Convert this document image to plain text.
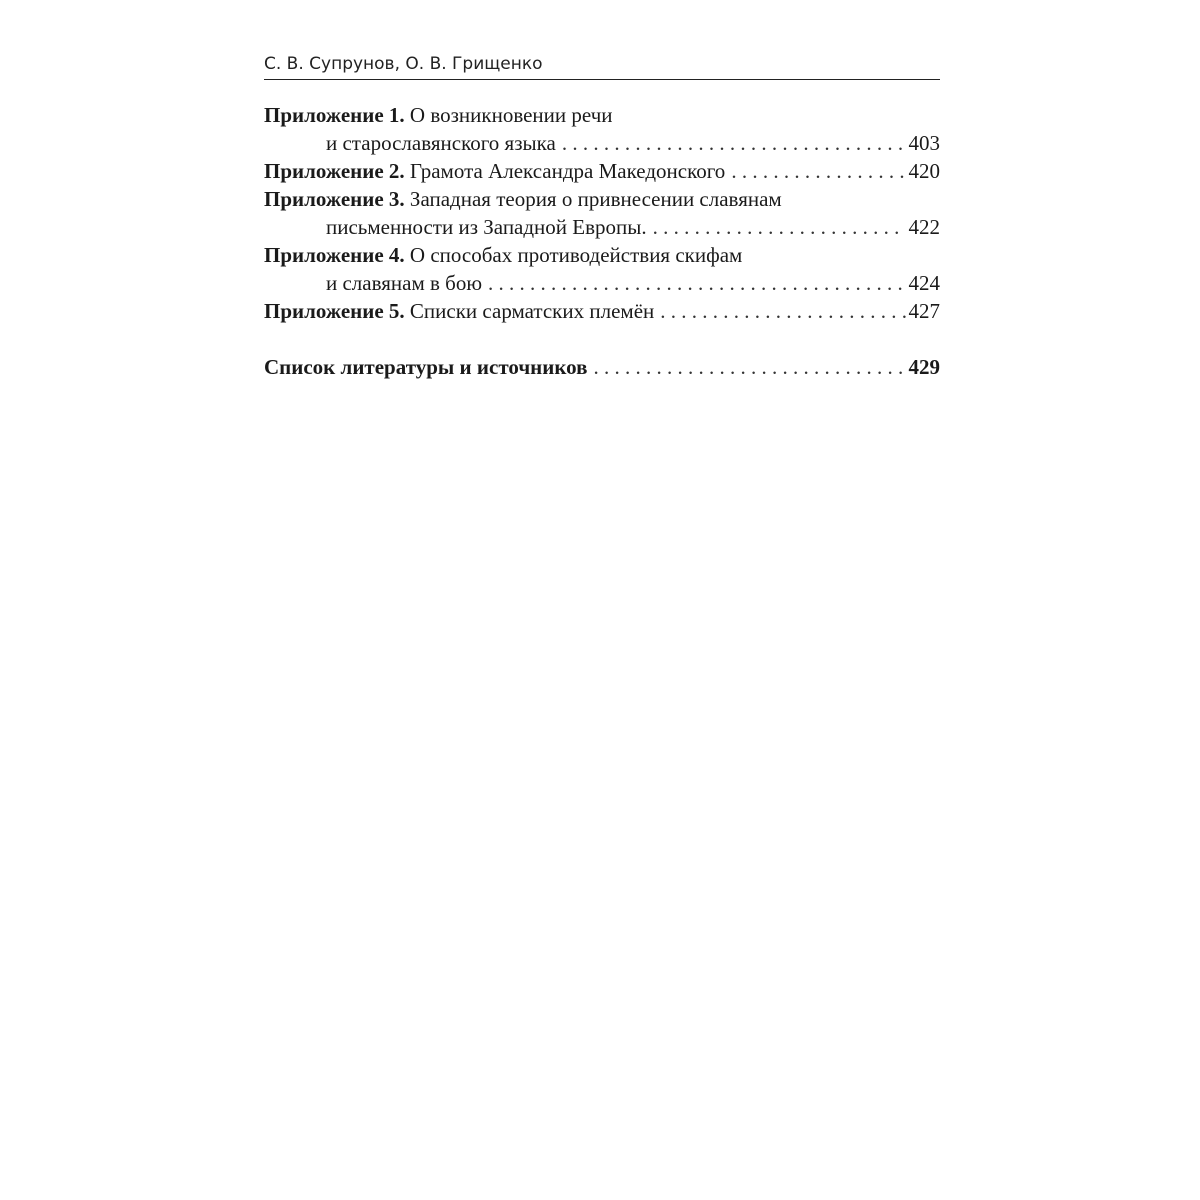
С. В. Супрунов, О. В. Грищенко
Приложение 1.
О возникновении речи
и старославянского языка . . .	403
Приложение 2.
Грамота Александра Македонского . . .	420
Приложение 3.
Западная теория о привнесении славянам
письменности из Западной Европы. . . .	422
Приложение 4.
О способах противодействия скифам
и славянам в бою . . .	424
Приложение 5.
Списки сарматских племён . . .	427
Список литературы и источников . . .	429
